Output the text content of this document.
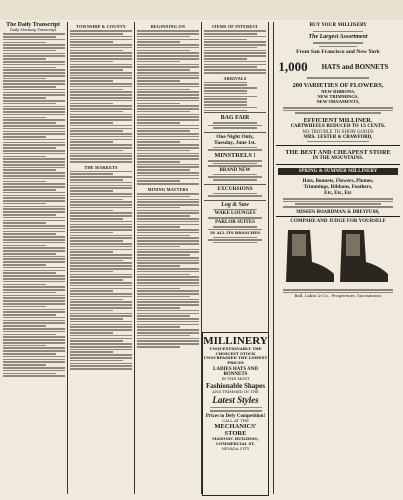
The Daily Transcript
Daily Morning Transcript
TOWNSHIP & COUNTY
THE MARKETS
BEGINNING ON
MINING MATTERS
ITEMS OF INTEREST
ARRIVALS
MILLINERY
UNQUESTIONABLY THE CHOICEST STOCK
UNSURPASSED THE LOWEST PRICES
LADIES HATS AND BONNETS
IN THE MOST
Fashionable Shapes
AND TRIMMED IN THE
Latest Styles
Prices to Defy Competition!
CALL AT THE
MECHANICS' STORE
MASONIC BUILDING, COMMERCIAL ST.
NEVADA CITY
BUY YOUR MILLINERY
The Largest Assortment
From San Francisco and New York
1,000	HATS and BONNETS
200 VARIETIES OF FLOWERS,
NEW RIBBONS,
NEW TRIMMINGS,
NEW ORNAMENTS,
EFFICIENT MILLINER.
CARTWHEELS REDUCED TO 15 CENTS.
NO TROUBLE TO SHOW GOODS
MRS. LESTER & CRAWFORD,
THE BEST AND CHEAPEST STORE
IN THE MOUNTAINS.
SPRING & SUMMER MILLINERY
Hats, Bonnets, Flowers, Plumes,
Trimmings, Ribbons, Feathers,
Etc, Etc, Etc
MISSES BOARDMAN & DREYFUSS,
COMPARE AND JUDGE FOR YOURSELF
Ball, Lakin & Co., Proprietors, Sacramento
BAG FAIR
One Night Only,
Tuesday, June 1st.
MINSTRELS !
BRAND NEW
EXCURSIONS
Log & Saw
WAKE LOUNGES
PARLOR SUITES
IN ALL ITS BRANCHES
